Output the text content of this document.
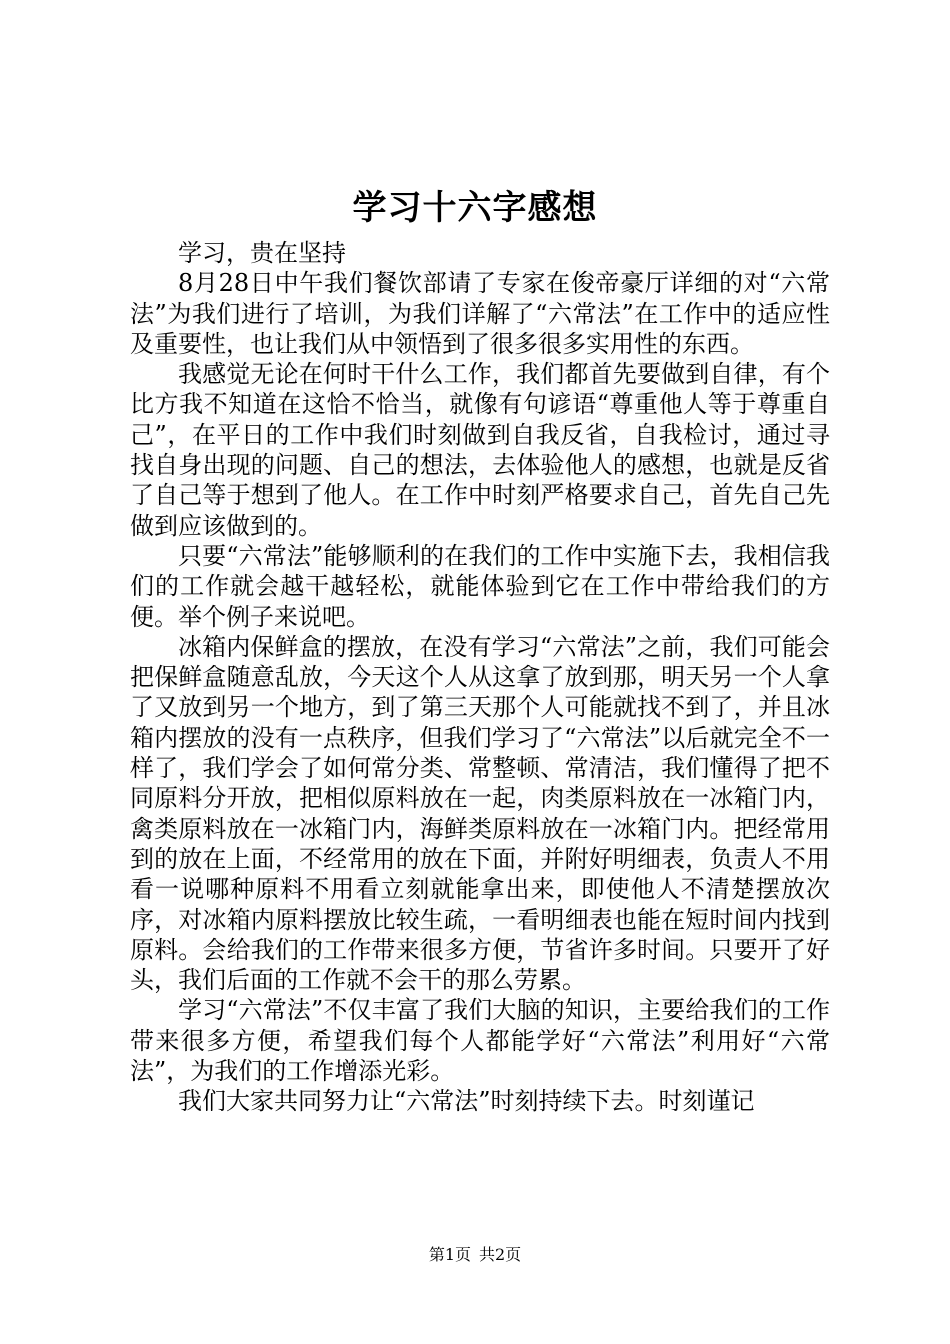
学习十六字感想

学习，贵在坚持

8月28日中午我们餐饮部请了专家在俊帝豪厅详细的对“六常法”为我们进行了培训，为我们详解了“六常法”在工作中的适应性及重要性，也让我们从中领悟到了很多很多实用性的东西。

我感觉无论在何时干什么工作，我们都首先要做到自律，有个比方我不知道在这恰不恰当，就像有句谚语“尊重他人等于尊重自己”，在平日的工作中我们时刻做到自我反省，自我检讨，通过寻找自身出现的问题、自己的想法，去体验他人的感想，也就是反省了自己等于想到了他人。在工作中时刻严格要求自己，首先自己先做到应该做到的。

只要“六常法”能够顺利的在我们的工作中实施下去，我相信我们的工作就会越干越轻松，就能体验到它在工作中带给我们的方便。举个例子来说吧。

冰箱内保鲜盒的摆放，在没有学习“六常法”之前，我们可能会把保鲜盒随意乱放，今天这个人从这拿了放到那，明天另一个人拿了又放到另一个地方，到了第三天那个人可能就找不到了，并且冰箱内摆放的没有一点秩序，但我们学习了“六常法”以后就完全不一样了，我们学会了如何常分类、常整顿、常清洁，我们懂得了把不同原料分开放，把相似原料放在一起，肉类原料放在一冰箱门内，禽类原料放在一冰箱门内，海鲜类原料放在一冰箱门内。把经常用到的放在上面，不经常用的放在下面，并附好明细表，负责人不用看一说哪种原料不用看立刻就能拿出来，即使他人不清楚摆放次序，对冰箱内原料摆放比较生疏，一看明细表也能在短时间内找到原料。会给我们的工作带来很多方便，节省许多时间。只要开了好头，我们后面的工作就不会干的那么劳累。

学习“六常法”不仅丰富了我们大脑的知识，主要给我们的工作带来很多方便，希望我们每个人都能学好“六常法”利用好“六常法”，为我们的工作增添光彩。

我们大家共同努力让“六常法”时刻持续下去。时刻谨记

第1页 共2页
